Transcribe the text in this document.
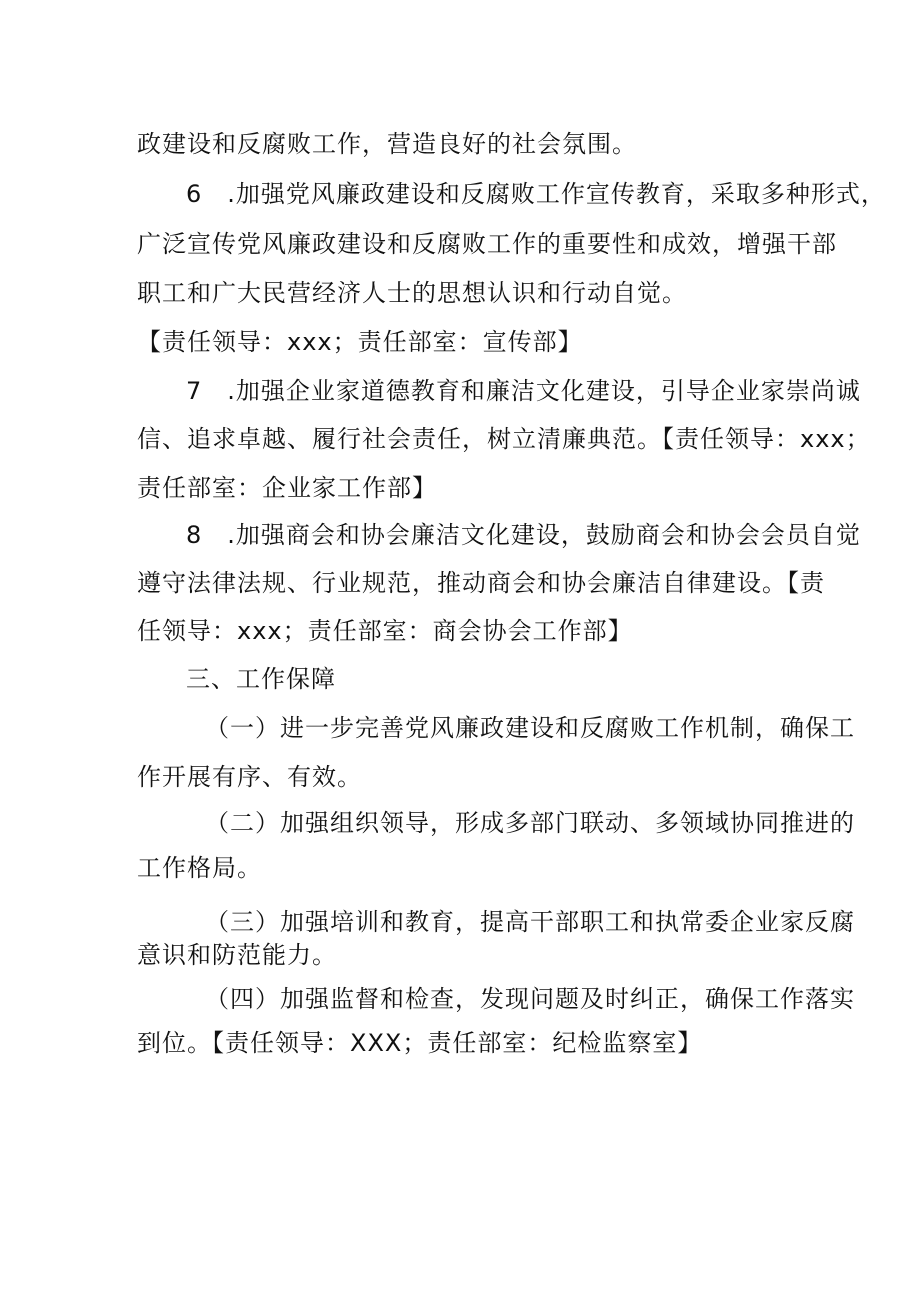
政建设和反腐败工作，营造良好的社会氛围。
6　.加强党风廉政建设和反腐败工作宣传教育，采取多种形式，
广泛宣传党风廉政建设和反腐败工作的重要性和成效，增强干部
职工和广大民营经济人士的思想认识和行动自觉。
【责任领导：xxx；责任部室：宣传部】
7　.加强企业家道德教育和廉洁文化建设，引导企业家崇尚诚
信、追求卓越、履行社会责任，树立清廉典范。【责任领导：xxx；
责任部室：企业家工作部】
8　.加强商会和协会廉洁文化建设，鼓励商会和协会会员自觉
遵守法律法规、行业规范，推动商会和协会廉洁自律建设。【责
任领导：xxx；责任部室：商会协会工作部】
三、工作保障
（一）进一步完善党风廉政建设和反腐败工作机制，确保工
作开展有序、有效。
（二）加强组织领导，形成多部门联动、多领域协同推进的
工作格局。
（三）加强培训和教育，提高干部职工和执常委企业家反腐
意识和防范能力。
（四）加强监督和检查，发现问题及时纠正，确保工作落实
到位。【责任领导：XXX；责任部室：纪检监察室】
